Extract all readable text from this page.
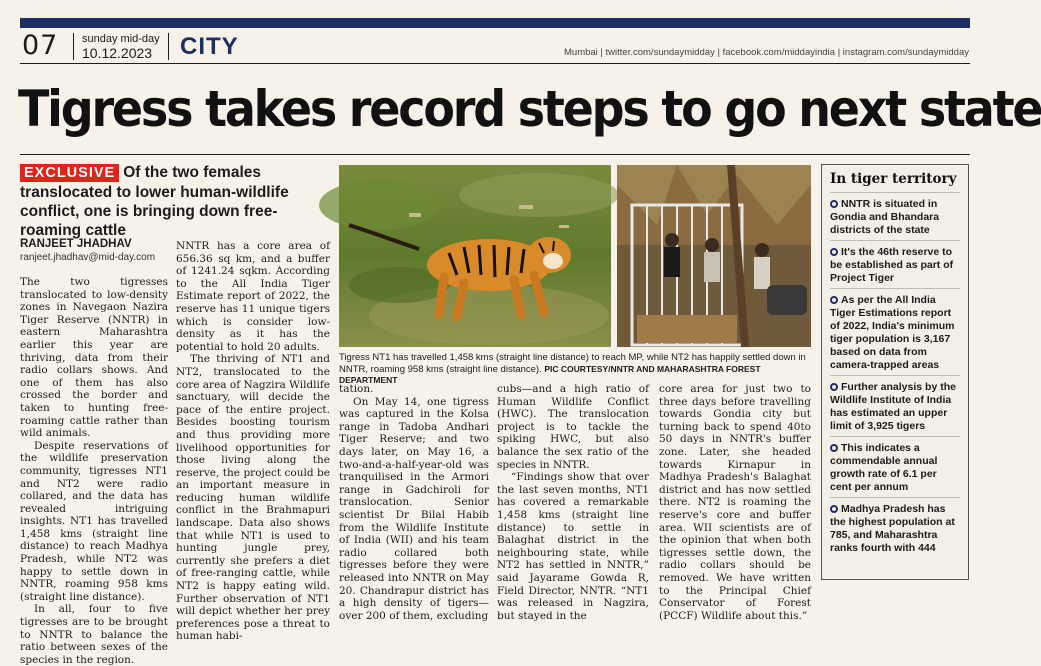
07 sunday mid-day
10.12.2023	CITY	Mumbai | twitter.com/sundaymidday | facebook.com/middayindia | instagram.com/sundaymidday
Tigress takes record steps to go next state
EXCLUSIVE Of the two females translocated to lower human-wildlife conflict, one is bringing down free-roaming cattle
RANJEET JHADHAV
ranjeet.jhadhav@mid-day.com

The two tigresses translocated to low-density zones in Navegaon Nazira Tiger Reserve (NNTR) in eastern Maharashtra earlier this year are thriving, data from their radio collars shows. And one of them has also crossed the border and taken to hunting free-roaming cattle rather than wild animals.

Despite reservations of the wildlife preservation community, tigresses NT1 and NT2 were radio collared, and the data has revealed intriguing insights. NT1 has travelled 1,458 kms (straight line distance) to reach Madhya Pradesh, while NT2 was happy to settle down in NNTR, roaming 958 kms (straight line distance).

In all, four to five tigresses are to be brought to NNTR to balance the ratio between sexes of the species in the region.

NNTR has a core area of 656.36 sq km, and a buffer of 1241.24 sqkm. According to the All India Tiger Estimate report of 2022, the reserve has 11 unique tigers which is consider low-density as it has the potential to hold 20 adults.

The thriving of NT1 and NT2, translocated to the core area of Nagzira Wildlife sanctuary, will decide the pace of the entire project. Besides boosting tourism and thus providing more livelihood opportunities for those living along the reserve, the project could be an important measure in reducing human wildlife conflict in the Brahmapuri landscape. Data also shows that while NT1 is used to hunting jungle prey, currently she prefers a diet of free-ranging cattle, while NT2 is happy eating wild. Further observation of NT1 will depict whether her prey preferences pose a threat to human habi-

Tigress NT1 has travelled 1,458 kms (straight line distance) to reach MP, while NT2 has happily settled down in NNTR, roaming 958 kms (straight line distance). PIC COURTESY/NNTR AND MAHARASHTRA FOREST DEPARTMENT

tation.

On May 14, one tigress was captured in the Kolsa range in Tadoba Andhari Tiger Reserve; and two days later, on May 16, a two-and-a-half-year-old was tranquilised in the Armori range in Gadchiroli for translocation. Senior scientist Dr Bilal Habib from the Wildlife Institute of India (WII) and his team radio collared both tigresses before they were released into NNTR on May 20. Chandrapur district has a high density of tigers—over 200 of them, excluding

cubs—and a high ratio of Human Wildlife Conflict (HWC). The translocation project is to tackle the spiking HWC, but also balance the sex ratio of the species in NNTR.

“Findings show that over the last seven months, NT1 has covered a remarkable 1,458 kms (straight line distance) to settle in Balaghat district in the neighbouring state, while NT2 has settled in NNTR,” said Jayarame Gowda R, Field Director, NNTR. “NT1 was released in Nagzira, but stayed in the

core area for just two to three days before travelling towards Gondia city but turning back to spend 40to 50 days in NNTR's buffer zone. Later, she headed towards Kirnapur in Madhya Pradesh's Balaghat district and has now settled there. NT2 is roaming the reserve's core and buffer area. WII scientists are of the opinion that when both tigresses settle down, the radio collars should be removed. We have written to the Principal Chief Conservator of Forest (PCCF) Wildlife about this.”

In tiger territory
NNTR is situated in Gondia and Bhandara districts of the state
It's the 46th reserve to be established as part of Project Tiger
As per the All India Tiger Estimations report of 2022, India's minimum tiger population is 3,167 based on data from camera-trapped areas
Further analysis by the Wildlife Institute of India has estimated an upper limit of 3,925 tigers
This indicates a commendable annual growth rate of 6.1 per cent per annum
Madhya Pradesh has the highest population at 785, and Maharashtra ranks fourth with 444
